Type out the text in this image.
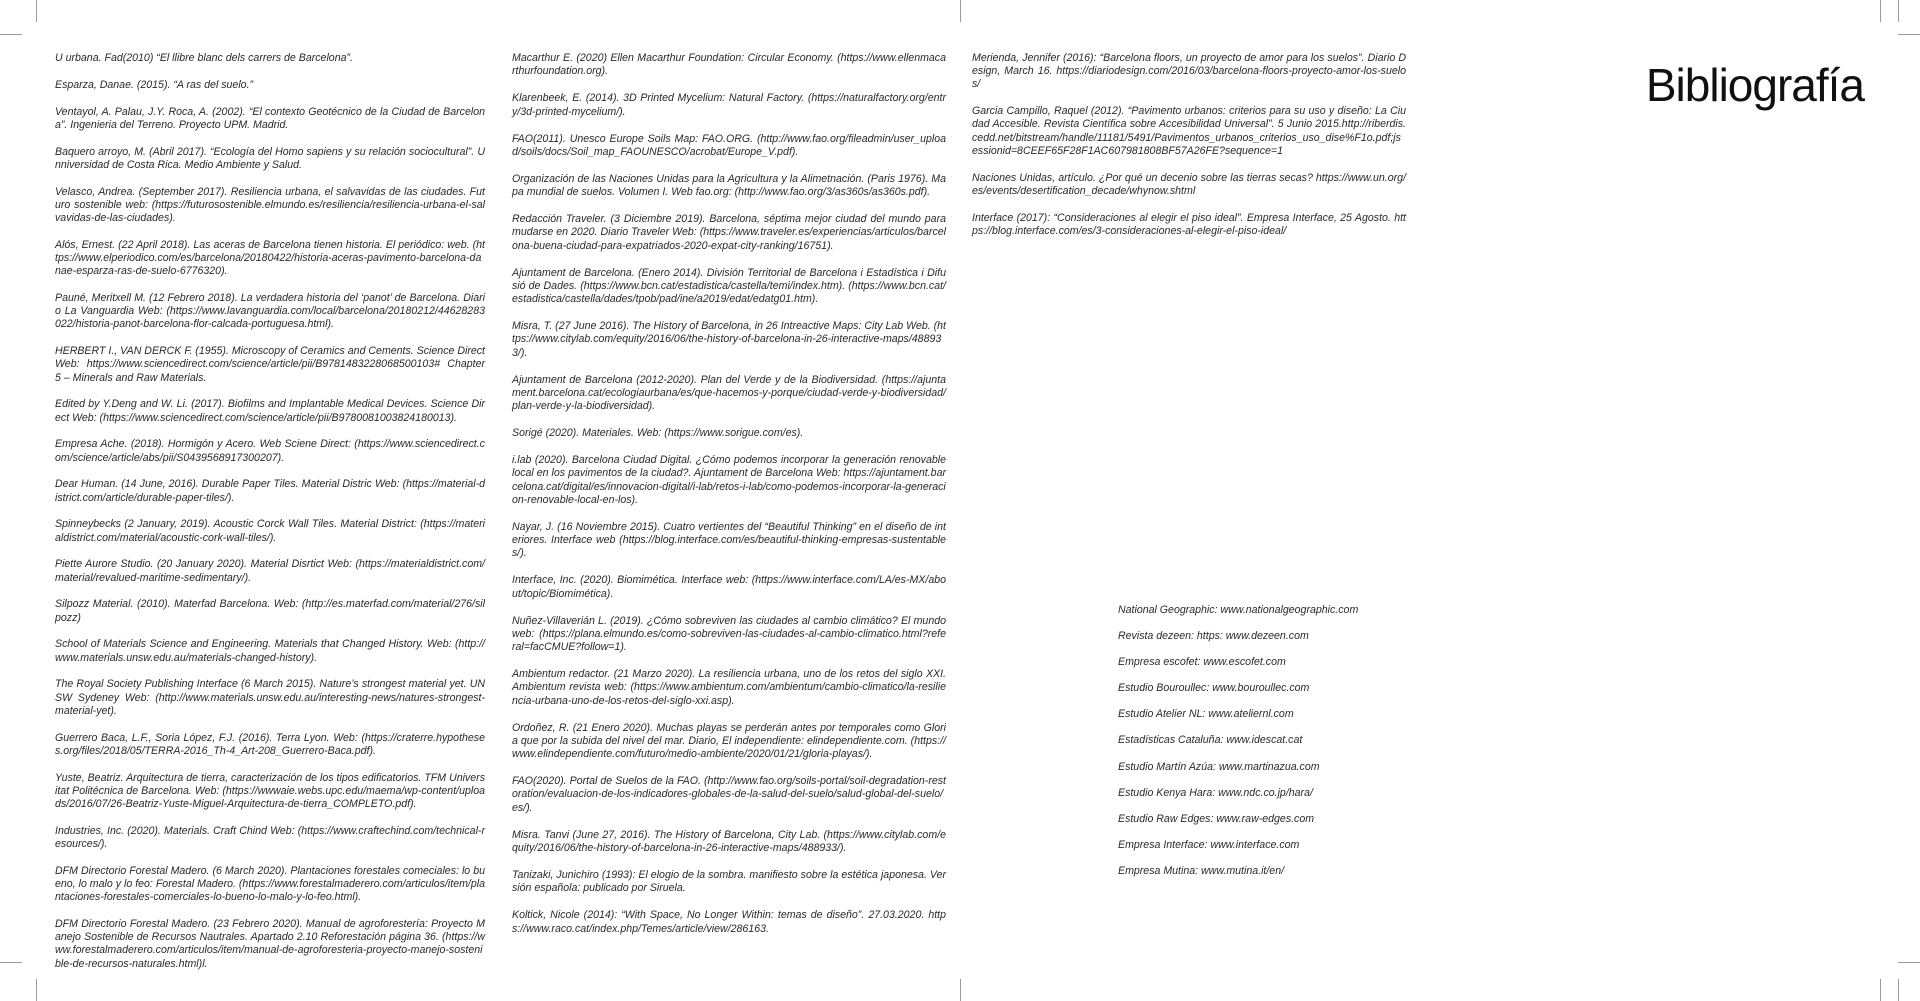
Bibliografía

U urbana. Fad(2010) “El llibre blanc dels carrers de Barcelona”.

Esparza, Danae. (2015). “A ras del suelo.”

Ventayol, A. Palau, J.Y. Roca, A. (2002). “El contexto Geotécnico de la Ciudad de Barcelona”. Ingenieria del Terreno. Proyecto UPM. Madrid.

Baquero arroyo, M. (Abril 2017). “Ecología del Homo sapiens y su relación sociocultural”. Unniversidad de Costa Rica. Medio Ambiente y Salud.

Velasco, Andrea. (September 2017). Resiliencia urbana, el salvavidas de las ciudades. Futuro sostenible web: (https://futurosostenible.elmundo.es/resiliencia/resiliencia-urbana-el-salvavidas-de-las-ciudades).

Alós, Ernest. (22 April 2018). Las aceras de Barcelona tienen historia. El periódico: web. (https://www.elperiodico.com/es/barcelona/20180422/historia-aceras-pavimento-barcelona-danae-esparza-ras-de-suelo-6776320).

Pauné, Meritxell M. (12 Febrero 2018). La verdadera historia del ‘panot’ de Barcelona. Diario La Vanguardia Web: (https://www.lavanguardia.com/local/barcelona/20180212/44628283022/historia-panot-barcelona-flor-calcada-portuguesa.html).

HERBERT I., VAN DERCK F. (1955). Microscopy of Ceramics and Cements. Science Direct Web: https://www.sciencedirect.com/science/article/pii/B9781483228068500103# Chapter 5 – Minerals and Raw Materials.

Edited by Y.Deng and W. Li. (2017). Biofilms and Implantable Medical Devices. Science Direct Web: (https://www.sciencedirect.com/science/article/pii/B9780081003824180013).

Empresa Ache. (2018). Hormigón y Acero. Web Sciene Direct: (https://www.sciencedirect.com/science/article/abs/pii/S0439568917300207).

Dear Human. (14 June, 2016). Durable Paper Tiles. Material Distric Web: (https://material-district.com/article/durable-paper-tiles/).

Spinneybecks (2 January, 2019). Acoustic Corck Wall Tiles. Material District: (https://materialdistrict.com/material/acoustic-cork-wall-tiles/).

Piette Aurore Studio. (20 January 2020). Material Disrtict Web: (https://materialdistrict.com/material/revalued-maritime-sedimentary/).

Silpozz Material. (2010). Materfad Barcelona. Web: (http://es.materfad.com/material/276/silpozz)

School of Materials Science and Engineering. Materials that Changed History. Web: (http://www.materials.unsw.edu.au/materials-changed-history).

The Royal Society Publishing Interface (6 March 2015). Nature’s strongest material yet. UNSW Sydeney Web: (http://www.materials.unsw.edu.au/interesting-news/natures-strongest-material-yet).

Guerrero Baca, L.F., Soria López, F.J. (2016). Terra Lyon. Web: (https://craterre.hypotheses.org/files/2018/05/TERRA-2016_Th-4_Art-208_Guerrero-Baca.pdf).

Yuste, Beatriz. Arquitectura de tierra, caracterización de los tipos edificatorios. TFM Universitat Politécnica de Barcelona. Web: (https://wwwaie.webs.upc.edu/maema/wp-content/uploads/2016/07/26-Beatriz-Yuste-Miguel-Arquitectura-de-tierra_COMPLETO.pdf).

Industries, Inc. (2020). Materials. Craft Chind Web: (https://www.craftechind.com/technical-resources/).

DFM Directorio Forestal Madero. (6 March 2020). Plantaciones forestales comeciales: lo bueno, lo malo y lo feo: Forestal Madero. (https://www.forestalmaderero.com/articulos/item/plantaciones-forestales-comerciales-lo-bueno-lo-malo-y-lo-feo.html).

DFM Directorio Forestal Madero. (23 Febrero 2020). Manual de agroforestería: Proyecto Manejo Sostenible de Recursos Nautrales. Apartado 2.10 Reforestación página 36. (https://www.forestalmaderero.com/articulos/item/manual-de-agroforesteria-proyecto-manejo-sostenible-de-recursos-naturales.html)l.

Macarthur E. (2020) Ellen Macarthur Foundation: Circular Economy. (https://www.ellenmacarthurfoundation.org).

Klarenbeek, E. (2014). 3D Printed Mycelium: Natural Factory. (https://naturalfactory.org/entry/3d-printed-mycelium/).

FAO(2011). Unesco Europe Soils Map: FAO.ORG. (http://www.fao.org/fileadmin/user_upload/soils/docs/Soil_map_FAOUNESCO/acrobat/Europe_V.pdf).

Organización de las Naciones Unidas para la Agricultura y la Alimetnación. (Paris 1976). Mapa mundial de suelos. Volumen I. Web fao.org: (http://www.fao.org/3/as360s/as360s.pdf).

Redacción Traveler. (3 Diciembre 2019). Barcelona, séptima mejor ciudad del mundo para mudarse en 2020. Diario Traveler Web: (https://www.traveler.es/experiencias/articulos/barcelona-buena-ciudad-para-expatriados-2020-expat-city-ranking/16751).

Ajuntament de Barcelona. (Enero 2014). División Territorial de Barcelona i Estadística i Difusió de Dades. (https://www.bcn.cat/estadistica/castella/temi/index.htm). (https://www.bcn.cat/estadistica/castella/dades/tpob/pad/ine/a2019/edat/edatg01.htm).

Misra, T. (27 June 2016). The History of Barcelona, in 26 Intreactive Maps: City Lab Web. (https://www.citylab.com/equity/2016/06/the-history-of-barcelona-in-26-interactive-maps/488933/).

Ajuntament de Barcelona (2012-2020). Plan del Verde y de la Biodiversidad. (https://ajuntament.barcelona.cat/ecologiaurbana/es/que-hacemos-y-porque/ciudad-verde-y-biodiversidad/plan-verde-y-la-biodiversidad).

Sorigé (2020). Materiales. Web: (https://www.sorigue.com/es).

i.lab (2020). Barcelona Ciudad Digital. ¿Cómo podemos incorporar la generación renovable local en los pavimentos de la ciudad?. Ajuntament de Barcelona Web: https://ajuntament.barcelona.cat/digital/es/innovacion-digital/i-lab/retos-i-lab/como-podemos-incorporar-la-generacion-renovable-local-en-los).

Nayar, J. (16 Noviembre 2015). Cuatro vertientes del “Beautiful Thinking” en el diseño de interiores. Interface web (https://blog.interface.com/es/beautiful-thinking-empresas-sustentables/).

Interface, Inc. (2020). Biomimética. Interface web: (https://www.interface.com/LA/es-MX/about/topic/Biomimética).

Nuñez-Villaverián L. (2019). ¿Cómo sobreviven las ciudades al cambio climático? El mundo web: (https://plana.elmundo.es/como-sobreviven-las-ciudades-al-cambio-climatico.html?referal=facCMUE?follow=1).

Ambientum redactor. (21 Marzo 2020). La resiliencia urbana, uno de los retos del siglo XXI. Ambientum revista web: (https://www.ambientum.com/ambientum/cambio-climatico/la-resiliencia-urbana-uno-de-los-retos-del-siglo-xxi.asp).

Ordoñez, R. (21 Enero 2020). Muchas playas se perderán antes por temporales como Gloria que por la subida del nivel del mar. Diario, El independiente: elindependiente.com. (https://www.elindependiente.com/futuro/medio-ambiente/2020/01/21/gloria-playas/).

FAO(2020). Portal de Suelos de la FAO. (http://www.fao.org/soils-portal/soil-degradation-restoration/evaluacion-de-los-indicadores-globales-de-la-salud-del-suelo/salud-global-del-suelo/es/).

Misra. Tanvi (June 27, 2016). The History of Barcelona, City Lab. (https://www.citylab.com/equity/2016/06/the-history-of-barcelona-in-26-interactive-maps/488933/).

Tanizaki, Junichiro (1993): El elogio de la sombra. manifiesto sobre la estética japonesa. Versión española: publicado por Siruela.

Koltick, Nicole (2014): “With Space, No Longer Within: temas de diseño”. 27.03.2020. https://www.raco.cat/index.php/Temes/article/view/286163.

Merienda, Jennifer (2016): “Barcelona floors, un proyecto de amor para los suelos”. Diario Design, March 16. https://diariodesign.com/2016/03/barcelona-floors-proyecto-amor-los-suelos/

Garcia Campillo, Raquel (2012). “Pavimento urbanos: criterios para su uso y diseño: La Ciudad Accesible. Revista Científica sobre Accesibilidad Universal”. 5 Junio 2015.http://riberdis.cedd.net/bitstream/handle/11181/5491/Pavimentos_urbanos_criterios_uso_dise%F1o.pdf;jsessionid=8CEEF65F28F1AC607981808BF57A26FE?sequence=1

Naciones Unidas, artículo. ¿Por qué un decenio sobre las tierras secas? https://www.un.org/es/events/desertification_decade/whynow.shtml

Interface (2017): “Consideraciones al elegir el piso ideal”. Empresa Interface, 25 Agosto. https://blog.interface.com/es/3-consideraciones-al-elegir-el-piso-ideal/

National Geographic: www.nationalgeographic.com

Revista dezeen: https: www.dezeen.com

Empresa escofet: www.escofet.com

Estudio Bouroullec: www.bouroullec.com

Estudio Atelier NL: www.ateliernl.com

Estadísticas Cataluña: www.idescat.cat

Estudio Martín Azúa: www.martinazua.com

Estudio Kenya Hara: www.ndc.co.jp/hara/

Estudio Raw Edges: www.raw-edges.com

Empresa Interface: www.interface.com

Empresa Mutina: www.mutina.it/en/
